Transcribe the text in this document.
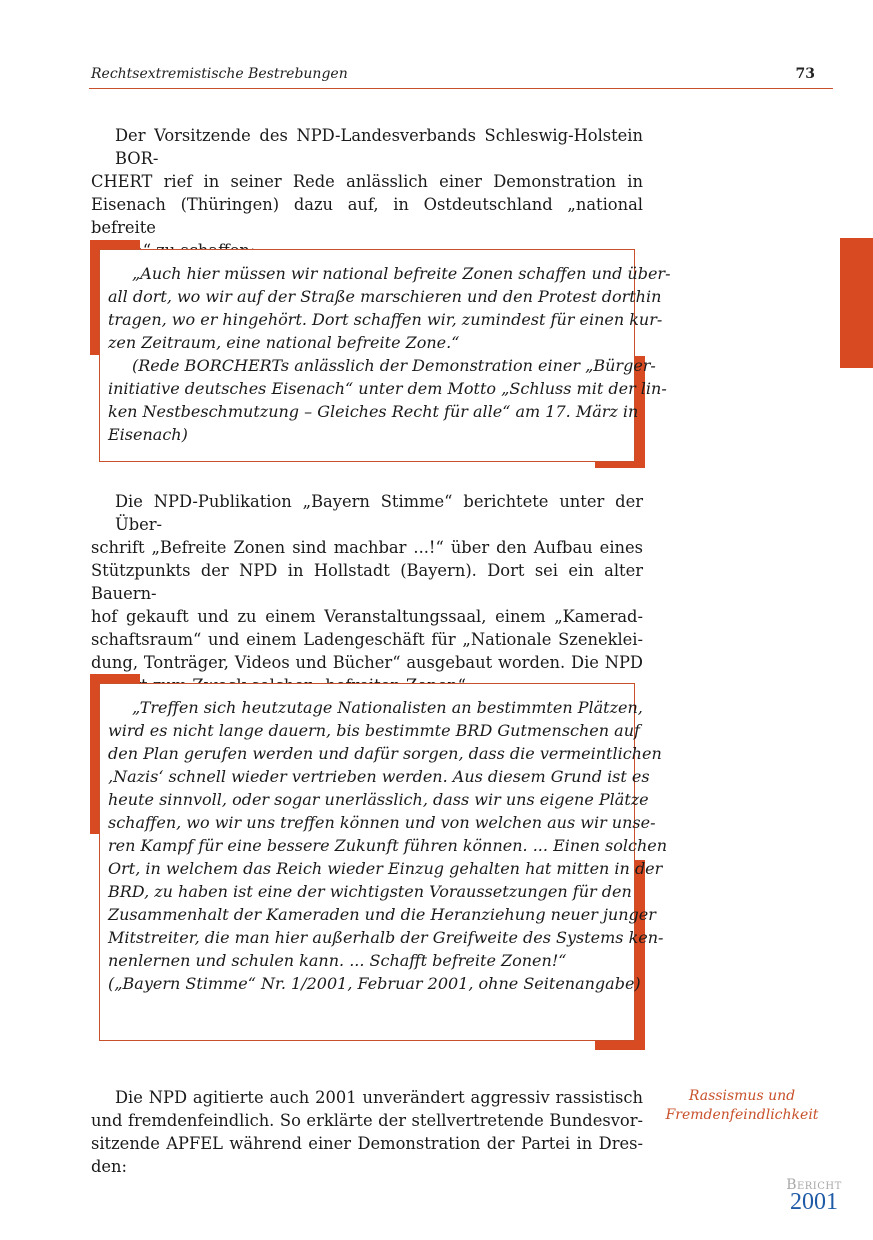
Rechtsextremistische Bestrebungen	73
Der Vorsitzende des NPD-Landesverbands Schleswig-Holstein BOR-
CHERT rief in seiner Rede anlässlich einer Demonstration in
Eisenach (Thüringen) dazu auf, in Ostdeutschland „national befreite
„Auch hier müssen wir national befreite Zonen schaffen und über-
all dort, wo wir auf der Straße marschieren und den Protest dorthin
tragen, wo er hingehört. Dort schaffen wir, zumindest für einen kur-
zen Zeitraum, eine national befreite Zone.“
(Rede BORCHERTs anlässlich der Demonstration einer „Bürger-
initiative deutsches Eisenach“ unter dem Motto „Schluss mit der lin-
ken Nestbeschmutzung – Gleiches Recht für alle“ am 17. März in
Eisenach)
Die NPD-Publikation „Bayern Stimme“ berichtete unter der Über-
schrift „Befreite Zonen sind machbar ...!“ über den Aufbau eines
Stützpunkts der NPD in Hollstadt (Bayern). Dort sei ein alter Bauern-
hof gekauft und zu einem Veranstaltungssaal, einem „Kamerad-
schaftsraum“ und einem Ladengeschäft für „Nationale Szeneklei-
dung, Tonträger, Videos und Bücher“ ausgebaut worden. Die NPD
„Treffen sich heutzutage Nationalisten an bestimmten Plätzen,
wird es nicht lange dauern, bis bestimmte BRD Gutmenschen auf
den Plan gerufen werden und dafür sorgen, dass die vermeintlichen
‚Nazis‘ schnell wieder vertrieben werden. Aus diesem Grund ist es
heute sinnvoll, oder sogar unerlässlich, dass wir uns eigene Plätze
schaffen, wo wir uns treffen können und von welchen aus wir unse-
ren Kampf für eine bessere Zukunft führen können. ... Einen solchen
Ort, in welchem das Reich wieder Einzug gehalten hat mitten in der
BRD, zu haben ist eine der wichtigsten Voraussetzungen für den
Zusammenhalt der Kameraden und die Heranziehung neuer junger
Mitstreiter, die man hier außerhalb der Greifweite des Systems ken-
nenlernen und schulen kann. ... Schafft befreite Zonen!“
(„Bayern Stimme“ Nr. 1/2001, Februar 2001, ohne Seitenangabe)
Die NPD agitierte auch 2001 unverändert aggressiv rassistisch
und fremdenfeindlich. So erklärte der stellvertretende Bundesvor-
sitzende APFEL während einer Demonstration der Partei in Dres-
den:
Rassismus und
Fremdenfeindlichkeit
Bericht
2001
